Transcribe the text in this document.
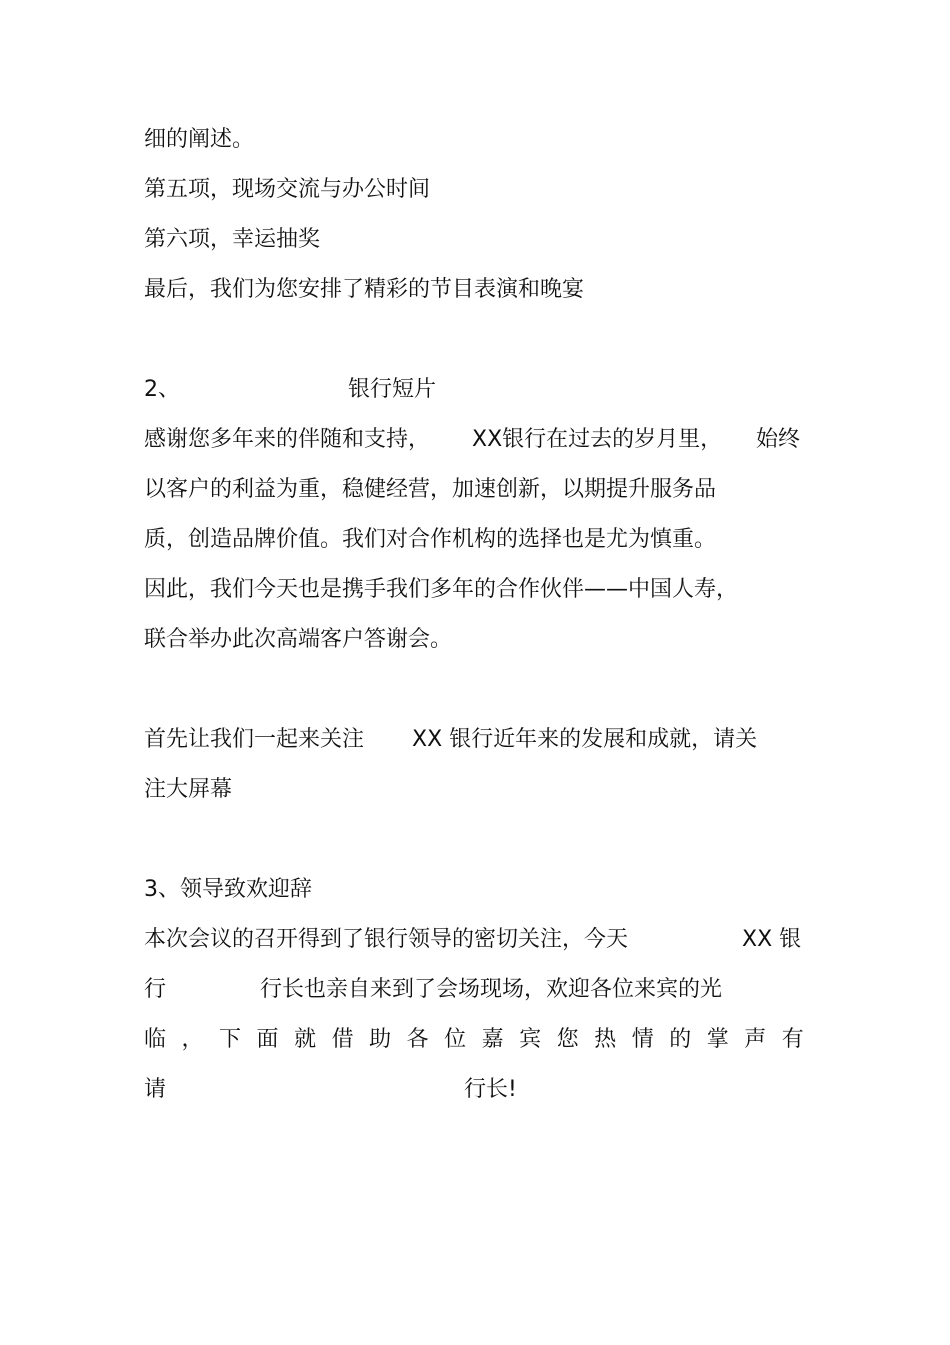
细的阐述。
第五项，现场交流与办公时间
第六项，幸运抽奖
最后，我们为您安排了精彩的节目表演和晚宴
2、	银行短片
感谢您多年来的伴随和支持， XX银行在过去的岁月里， 始终
以客户的利益为重，稳健经营，加速创新，以期提升服务品
质，创造品牌价值。我们对合作机构的选择也是尤为慎重。
因此，我们今天也是携手我们多年的合作伙伴——中国人寿，
联合举办此次高端客户答谢会。
首先让我们一起来关注 XX 银行近年来的发展和成就，请关
注大屏幕
3、领导致欢迎辞
本次会议的召开得到了银行领导的密切关注，今天	XX 银
行	行长也亲自来到了会场现场，欢迎各位来宾的光
临 ， 下 面 就 借 助 各 位 嘉 宾 您 热 情 的 掌 声 有
请	行长!
